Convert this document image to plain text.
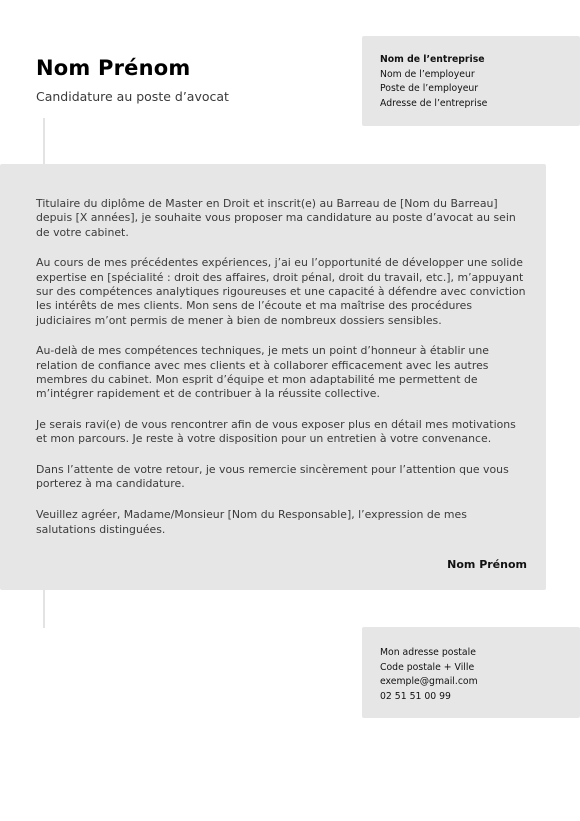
Nom Prénom
Candidature au poste d’avocat
Nom de l’entreprise
Nom de l’employeur
Poste de l’employeur
Adresse de l’entreprise

Titulaire du diplôme de Master en Droit et inscrit(e) au Barreau de [Nom du Barreau] depuis [X années], je souhaite vous proposer ma candidature au poste d’avocat au sein de votre cabinet.

Au cours de mes précédentes expériences, j’ai eu l’opportunité de développer une solide expertise en [spécialité : droit des affaires, droit pénal, droit du travail, etc.], m’appuyant sur des compétences analytiques rigoureuses et une capacité à défendre avec conviction les intérêts de mes clients. Mon sens de l’écoute et ma maîtrise des procédures judiciaires m’ont permis de mener à bien de nombreux dossiers sensibles.

Au-delà de mes compétences techniques, je mets un point d’honneur à établir une relation de confiance avec mes clients et à collaborer efficacement avec les autres membres du cabinet. Mon esprit d’équipe et mon adaptabilité me permettent de m’intégrer rapidement et de contribuer à la réussite collective.

Je serais ravi(e) de vous rencontrer afin de vous exposer plus en détail mes motivations et mon parcours. Je reste à votre disposition pour un entretien à votre convenance.

Dans l’attente de votre retour, je vous remercie sincèrement pour l’attention que vous porterez à ma candidature.

Veuillez agréer, Madame/Monsieur [Nom du Responsable], l’expression de mes salutations distinguées.

Nom Prénom
Mon adresse postale
Code postale + Ville
exemple@gmail.com
02 51 51 00 99
